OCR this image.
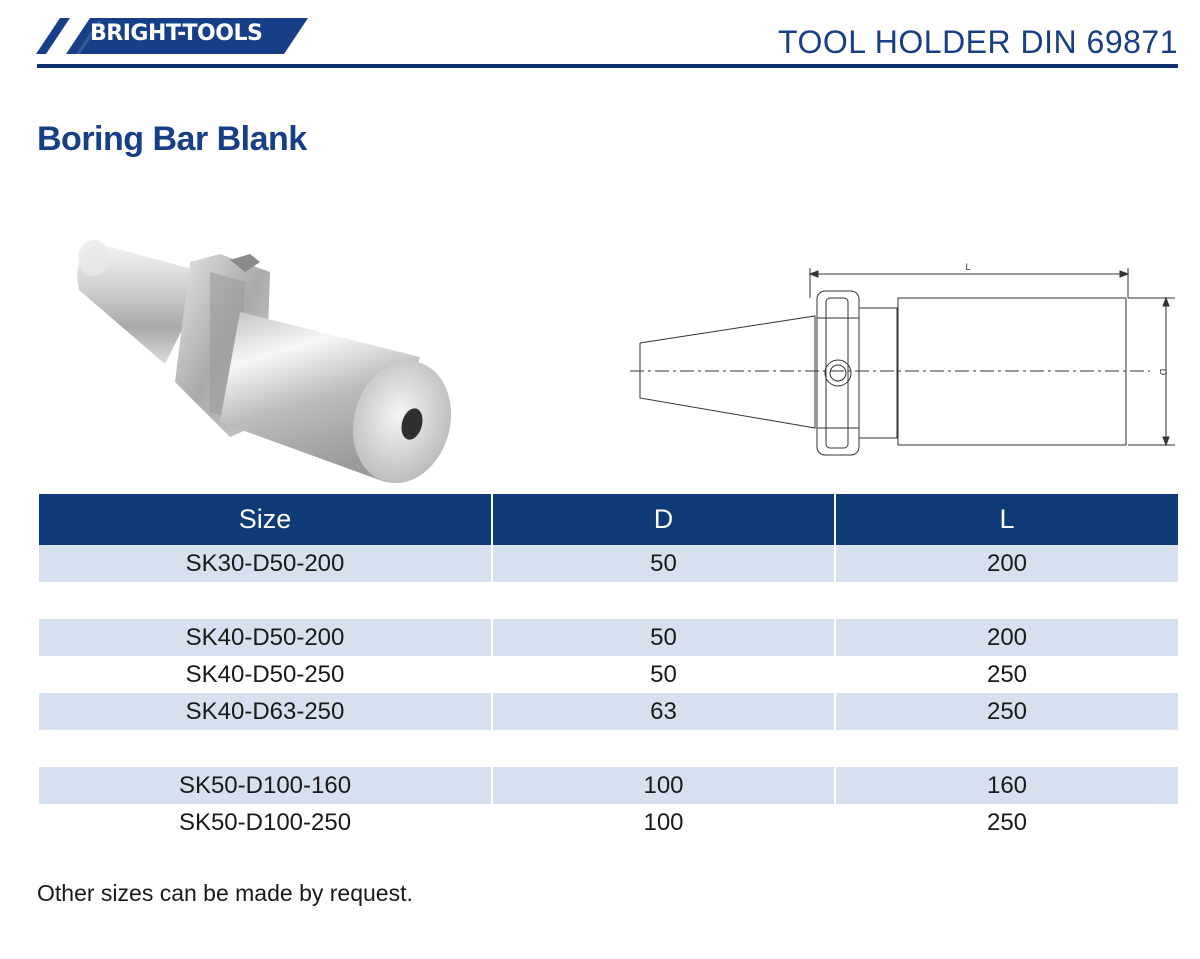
BRIGHT-TOOLS	TOOL HOLDER DIN 69871
Boring Bar Blank
L
D
Size	D	L
SK30-D50-200	50	200

SK40-D50-200	50	200
SK40-D50-250	50	250
SK40-D63-250	63	250

SK50-D100-160	100	160
SK50-D100-250	100	250

Other sizes can be made by request.
